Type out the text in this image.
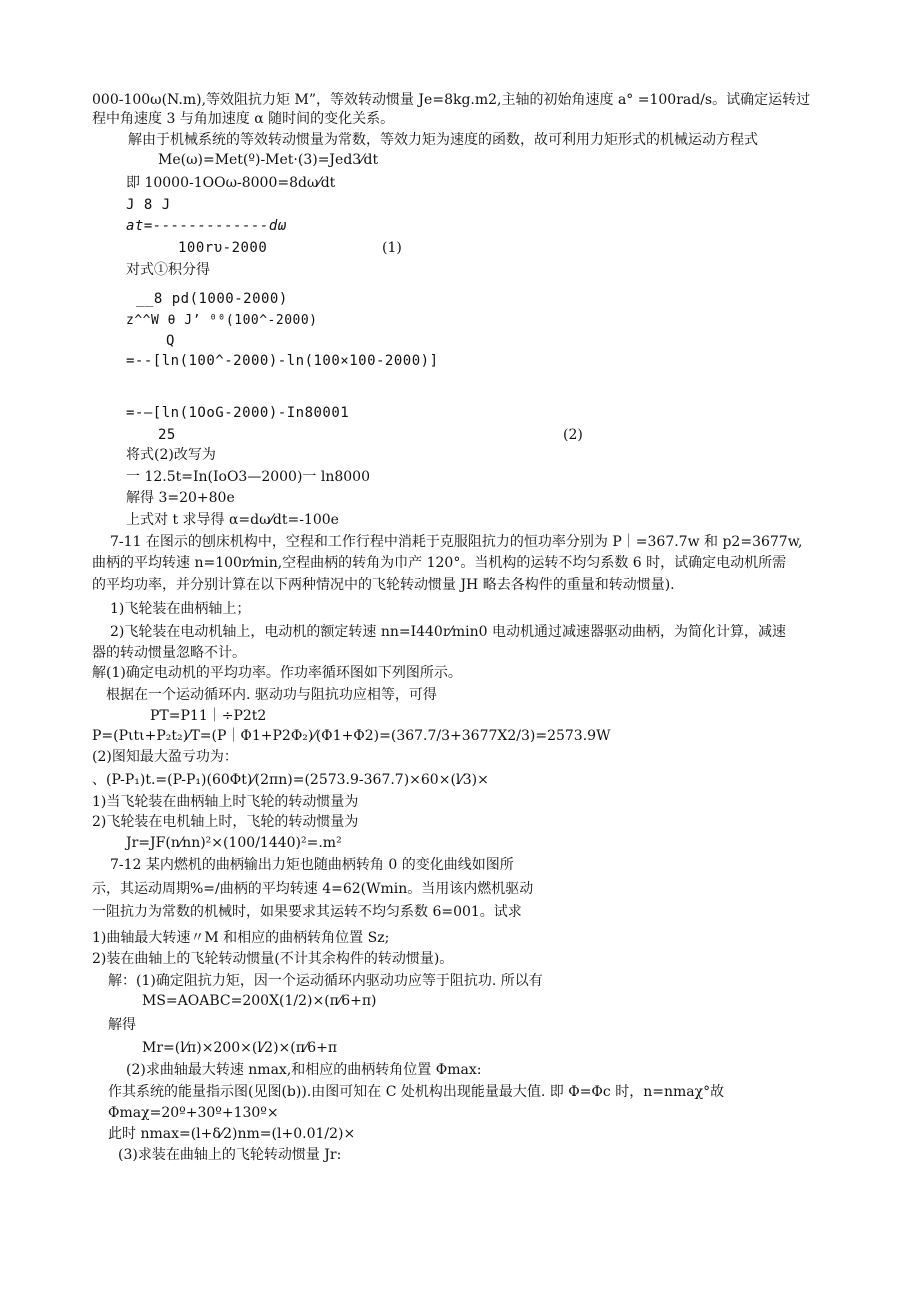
000-100ω(N.m),等效阻抗力矩 M”，等效转动惯量 Je=8kg.m2,主轴的初始角速度 a° =100rad/s。试确定运转过
程中角速度 3 与角加速度 α 随时间的变化关系。
解由于机械系统的等效转动惯量为常数，等效力矩为速度的函数，故可利用力矩形式的机械运动方程式
Me(ω)=Met(º)-Met·(3)=Jed3⁄dt
即 10000-1OOω-8000=8dω⁄dt
J 8 J
at=-------------dω
100rυ-2000	(1)
对式①积分得
__8 pd(1000-2000)
z^^W θ J’ ⁰⁰(100^-2000)
Q
=--[ln(100^-2000)-ln(100×100-2000)]
=-—[ln(1OoG-2000)-In80001
25	(2)
将式(2)改写为
一 12.5t=In(IoO3—2000)一 ln8000
解得 3=20+80e
上式对 t 求导得 α=dω⁄dt=-100e
7-11 在图示的刨床机构中，空程和工作行程中消耗于克服阻抗力的恒功率分别为 P｜=367.7w 和 p2=3677w,
曲柄的平均转速 n=100r⁄min,空程曲柄的转角为巾产 120°。当机构的运转不均匀系数 6 时，试确定电动机所需
的平均功率，并分别计算在以下两种情况中的飞轮转动惯量 JH 略去各构件的重量和转动惯量).
1)飞轮装在曲柄轴上；
2)飞轮装在电动机轴上，电动机的额定转速 nn=I440r⁄min0 电动机通过减速器驱动曲柄，为简化计算，减速
器的转动惯量忽略不计。
解(1)确定电动机的平均功率。作功率循环图如下列图所示。
根据在一个运动循环内. 驱动功与阻抗功应相等，可得
PT=P11｜÷P2t2
P=(Pιtι+P₂t₂)⁄T=(P｜Φ1+P2Φ₂)⁄(Φ1+Φ2)=(367.7/3+3677X2/3)=2573.9W
(2)图知最大盈亏功为：
、(P-P₁)t.=(P-P₁)(60Φt)⁄(2πn)=(2573.9-367.7)×60×(l⁄3)×
1)当飞轮装在曲柄轴上时飞轮的转动惯量为
2)飞轮装在电机轴上时，飞轮的转动惯量为
Jr=JF(n⁄nn)²×(100/1440)²=.m²
7-12 某内燃机的曲柄输出力矩也随曲柄转角 0 的变化曲线如图所
示，其运动周期%=/曲柄的平均转速 4=62(Wmin。当用该内燃机驱动
一阻抗力为常数的机械时，如果要求其运转不均匀系数 6=001。试求
1)曲轴最大转速〃M 和相应的曲柄转角位置 Sz;
2)装在曲轴上的飞轮转动惯量(不计其余构件的转动惯量)。
解：(1)确定阻抗力矩，因一个运动循环内驱动功应等于阻抗功. 所以有
MS=AOABC=200X(1/2)×(π⁄6+π)
解得
Mr=(l⁄π)×200×(l⁄2)×(π⁄6+π
(2)求曲轴最大转速 nmax,和相应的曲柄转角位置 Φmax:
作其系统的能量指示图(见图(b)).由图可知在 C 处机构出现能量最大值. 即 Φ=Φc 时，n=nmaχ°故
Φmaχ=20º+30º+130º×
此时 nmax=(l+δ⁄2)nm=(l+0.01/2)×
(3)求装在曲轴上的飞轮转动惯量 Jr:
